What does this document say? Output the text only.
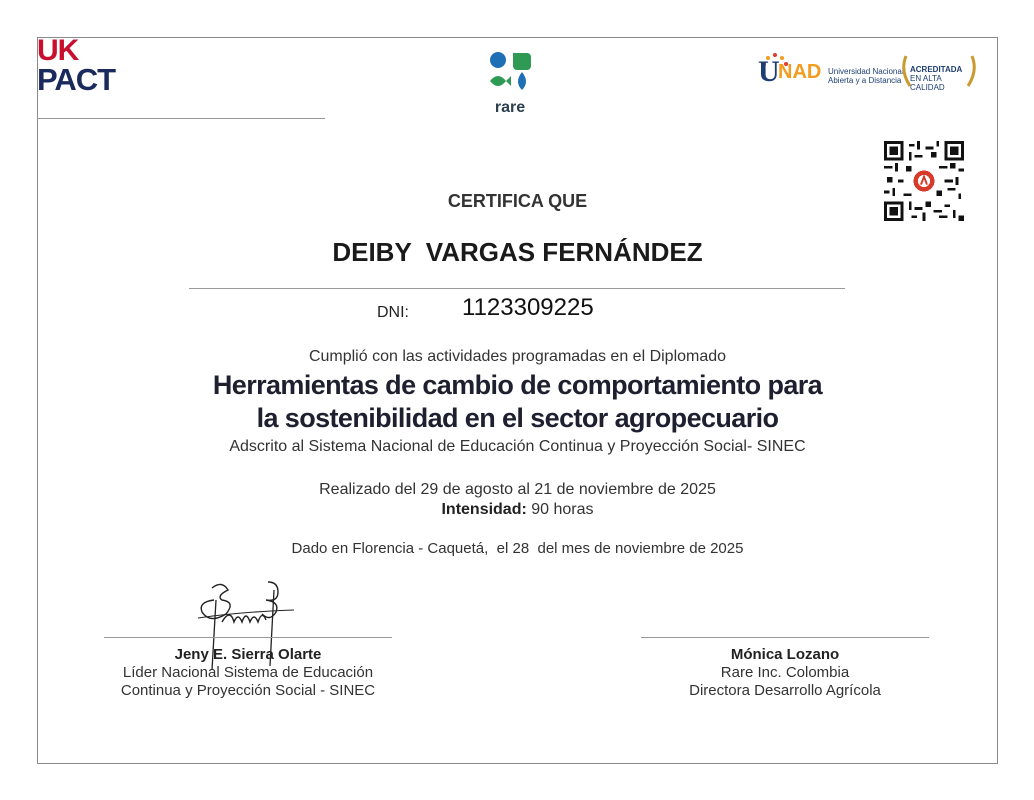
UK
PACT
rare
U
NAD Universidad Nacional
Abierta y a Distancia
ACREDITADA
EN ALTA CALIDAD
CERTIFICA QUE
DEIBY  VARGAS FERNÁNDEZ
DNI: 1123309225
Cumplió con las actividades programadas en el Diplomado
Herramientas de cambio de comportamiento para
la sostenibilidad en el sector agropecuario
Adscrito al Sistema Nacional de Educación Continua y Proyección Social- SINEC
Realizado del 29 de agosto al 21 de noviembre de 2025
Intensidad: 90 horas
Dado en Florencia - Caquetá,  el 28  del mes de noviembre de 2025
Jeny E. Sierra Olarte
Líder Nacional Sistema de Educación
Continua y Proyección Social - SINEC
Mónica Lozano
Rare Inc. Colombia
Directora Desarrollo Agrícola
